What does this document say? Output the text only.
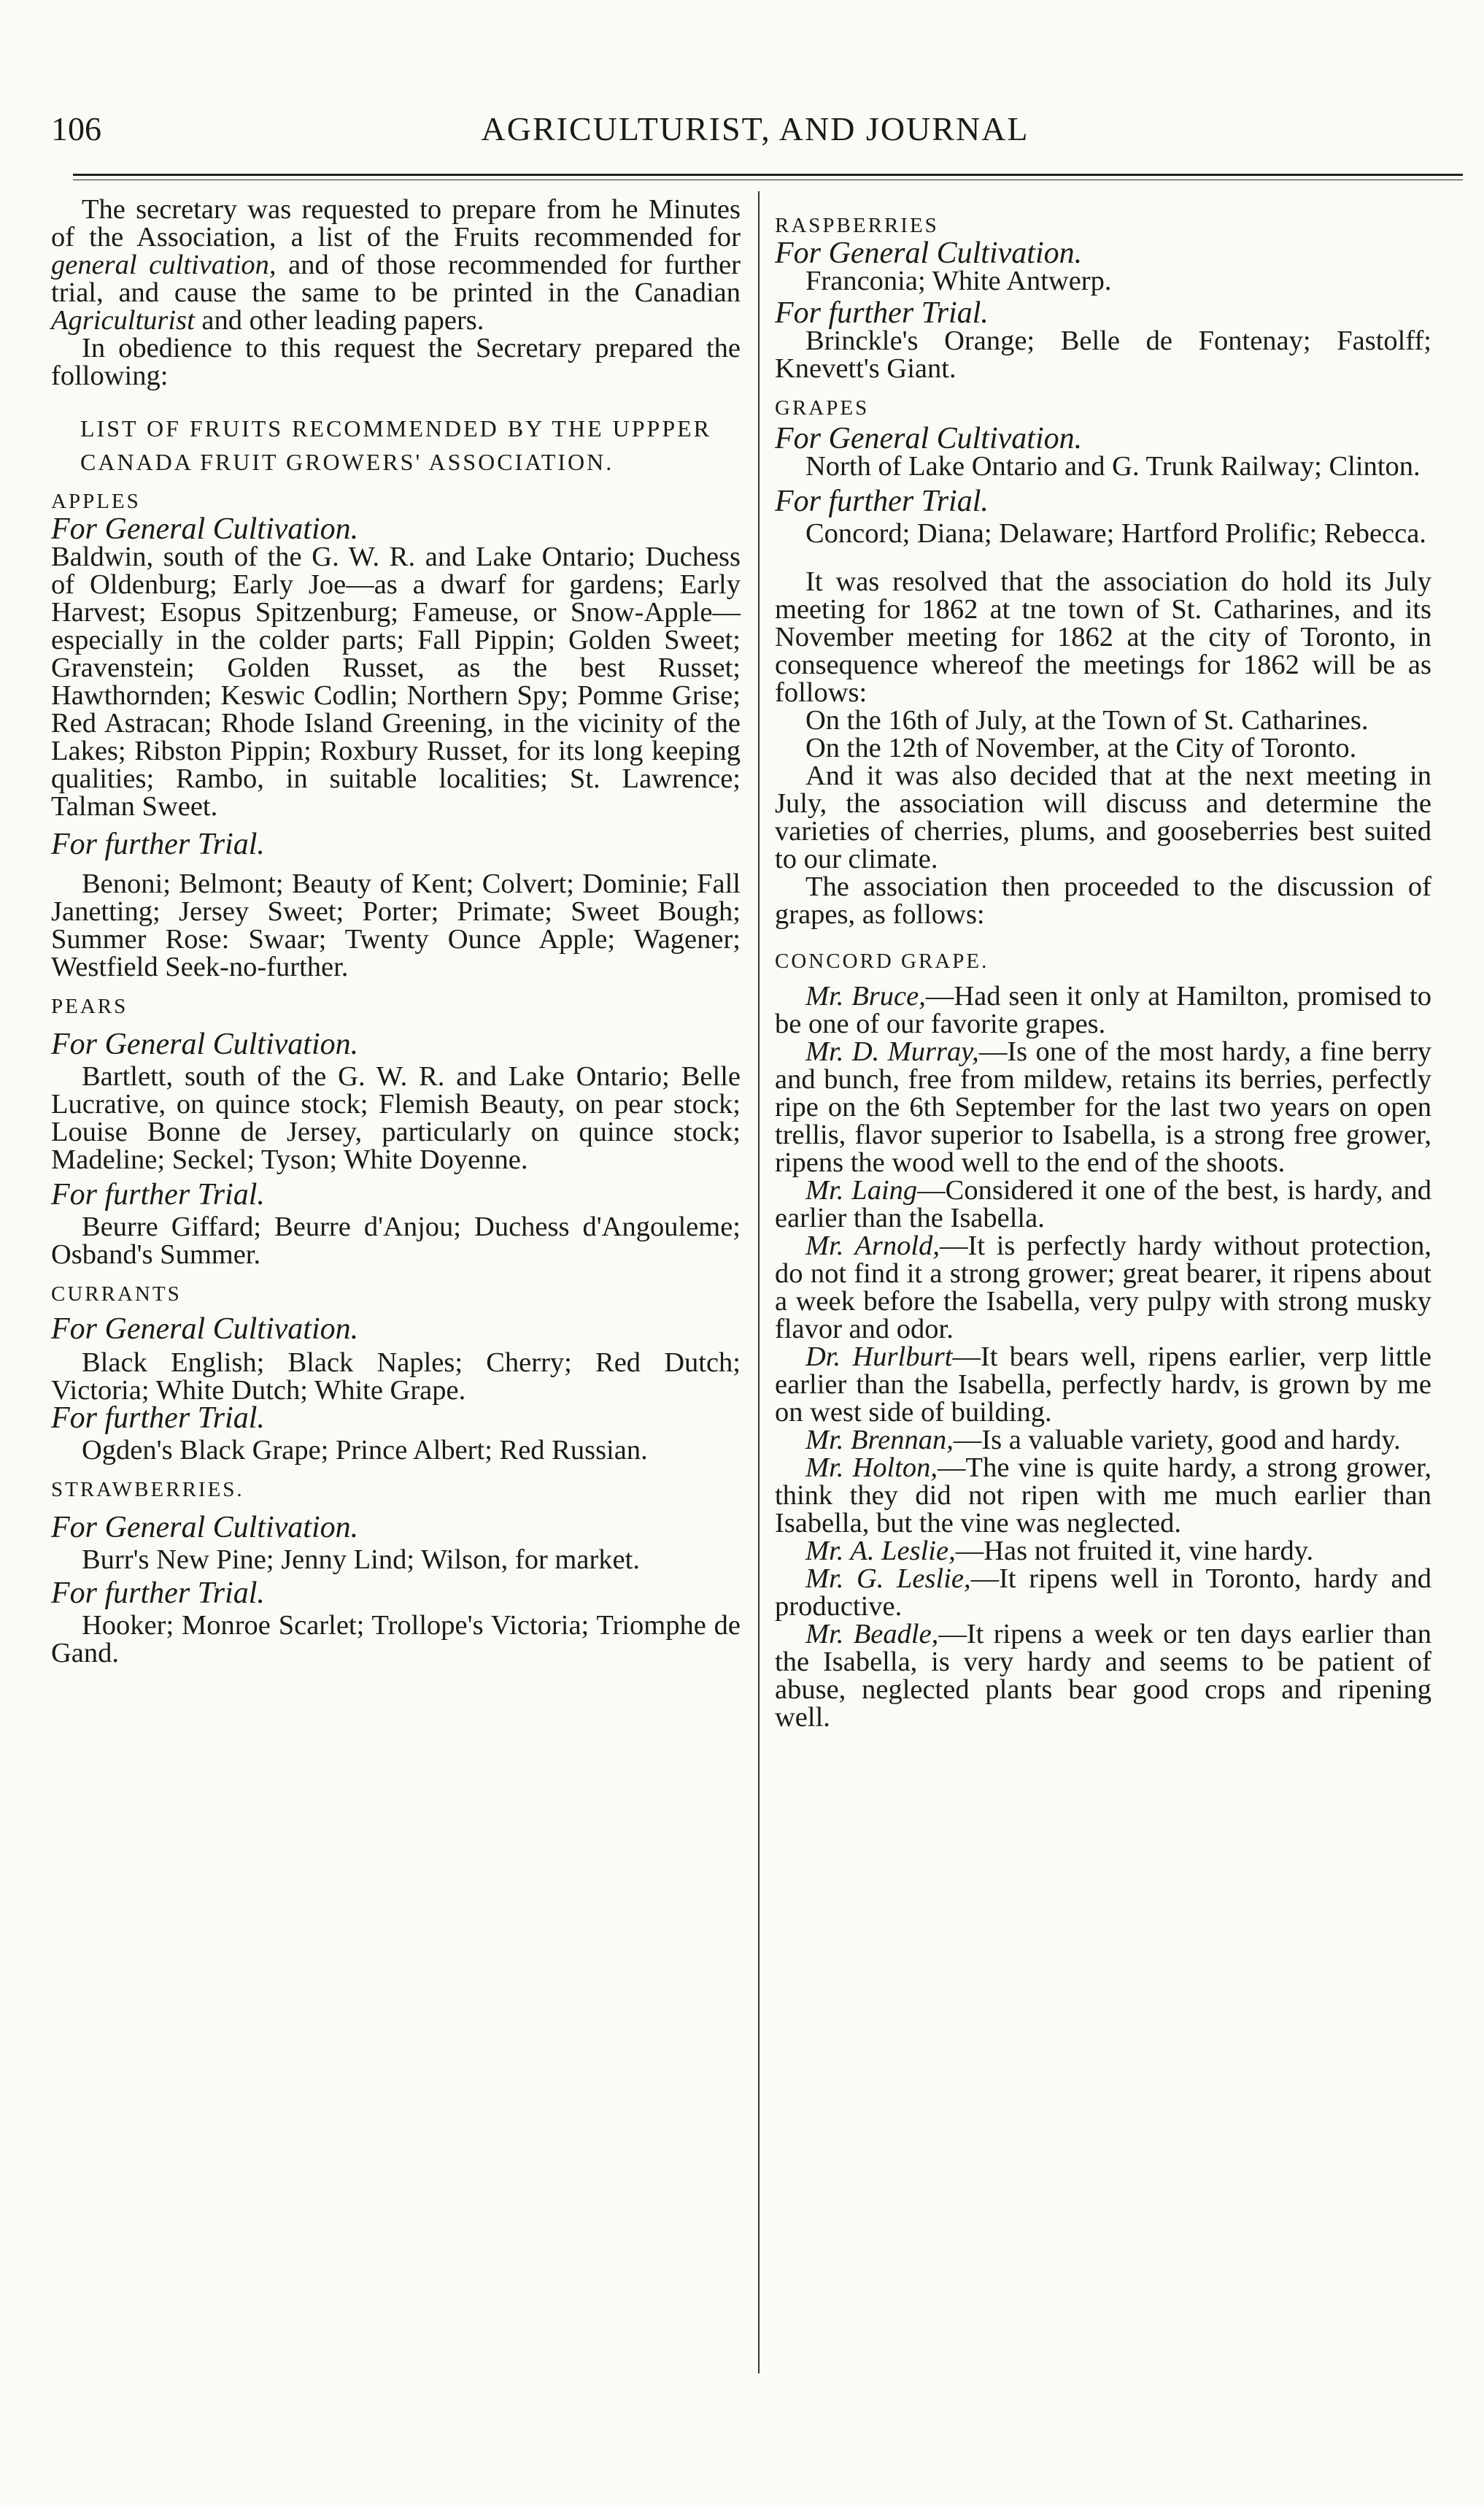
106	AGRICULTURIST, AND JOURNAL

The secretary was requested to prepare from he Minutes of the Association, a list of the Fruits recommended for general cultivation, and of those recommended for further trial, and cause the same to be printed in the Canadian Agriculturist and other leading papers.

In obedience to this request the Secretary prepared the following:

LIST OF FRUITS RECOMMENDED BY THE UPPPER CANADA FRUIT GROWERS' ASSOCIATION.

APPLES

For General Cultivation.

Baldwin, south of the G. W. R. and Lake Ontario; Duchess of Oldenburg; Early Joe—as a dwarf for gardens; Early Harvest; Esopus Spitzenburg; Fameuse, or Snow-Apple—especially in the colder parts; Fall Pippin; Golden Sweet; Gravenstein; Golden Russet, as the best Russet; Hawthornden; Keswic Codlin; Northern Spy; Pomme Grise; Red Astracan; Rhode Island Greening, in the vicinity of the Lakes; Ribston Pippin; Roxbury Russet, for its long keeping qualities; Rambo, in suitable localities; St. Lawrence; Talman Sweet.

For further Trial.

Benoni; Belmont; Beauty of Kent; Colvert; Dominie; Fall Janetting; Jersey Sweet; Porter; Primate; Sweet Bough; Summer Rose: Swaar; Twenty Ounce Apple; Wagener; Westfield Seek-no-further.

PEARS

For General Cultivation.

Bartlett, south of the G. W. R. and Lake Ontario; Belle Lucrative, on quince stock; Flemish Beauty, on pear stock; Louise Bonne de Jersey, particularly on quince stock; Madeline; Seckel; Tyson; White Doyenne.

For further Trial.

Beurre Giffard; Beurre d'Anjou; Duchess d'Angouleme; Osband's Summer.

CURRANTS

For General Cultivation.

Black English; Black Naples; Cherry; Red Dutch; Victoria; White Dutch; White Grape.

For further Trial.

Ogden's Black Grape; Prince Albert; Red Russian.

STRAWBERRIES.

For General Cultivation.

Burr's New Pine; Jenny Lind; Wilson, for market.

For further Trial.

Hooker; Monroe Scarlet; Trollope's Victoria; Triomphe de Gand.

RASPBERRIES

For General Cultivation.

Franconia; White Antwerp.

For further Trial.

Brinckle's Orange; Belle de Fontenay; Fastolff; Knevett's Giant.

GRAPES

For General Cultivation.

North of Lake Ontario and G. Trunk Railway; Clinton.

For further Trial.

Concord; Diana; Delaware; Hartford Prolific; Rebecca.

It was resolved that the association do hold its July meeting for 1862 at tne town of St. Catharines, and its November meeting for 1862 at the city of Toronto, in consequence whereof the meetings for 1862 will be as follows:

On the 16th of July, at the Town of St. Catharines.

On the 12th of November, at the City of Toronto.

And it was also decided that at the next meeting in July, the association will discuss and determine the varieties of cherries, plums, and gooseberries best suited to our climate.

The association then proceeded to the discussion of grapes, as follows:

CONCORD GRAPE.

Mr. Bruce,—Had seen it only at Hamilton, promised to be one of our favorite grapes.

Mr. D. Murray,—Is one of the most hardy, a fine berry and bunch, free from mildew, retains its berries, perfectly ripe on the 6th September for the last two years on open trellis, flavor superior to Isabella, is a strong free grower, ripens the wood well to the end of the shoots.

Mr. Laing—Considered it one of the best, is hardy, and earlier than the Isabella.

Mr. Arnold,—It is perfectly hardy without protection, do not find it a strong grower; great bearer, it ripens about a week before the Isabella, very pulpy with strong musky flavor and odor.

Dr. Hurlburt—It bears well, ripens earlier, verp little earlier than the Isabella, perfectly hardv, is grown by me on west side of building.

Mr. Brennan,—Is a valuable variety, good and hardy.

Mr. Holton,—The vine is quite hardy, a strong grower, think they did not ripen with me much earlier than Isabella, but the vine was neglected.

Mr. A. Leslie,—Has not fruited it, vine hardy.

Mr. G. Leslie,—It ripens well in Toronto, hardy and productive.

Mr. Beadle,—It ripens a week or ten days earlier than the Isabella, is very hardy and seems to be patient of abuse, neglected plants bear good crops and ripening well.
